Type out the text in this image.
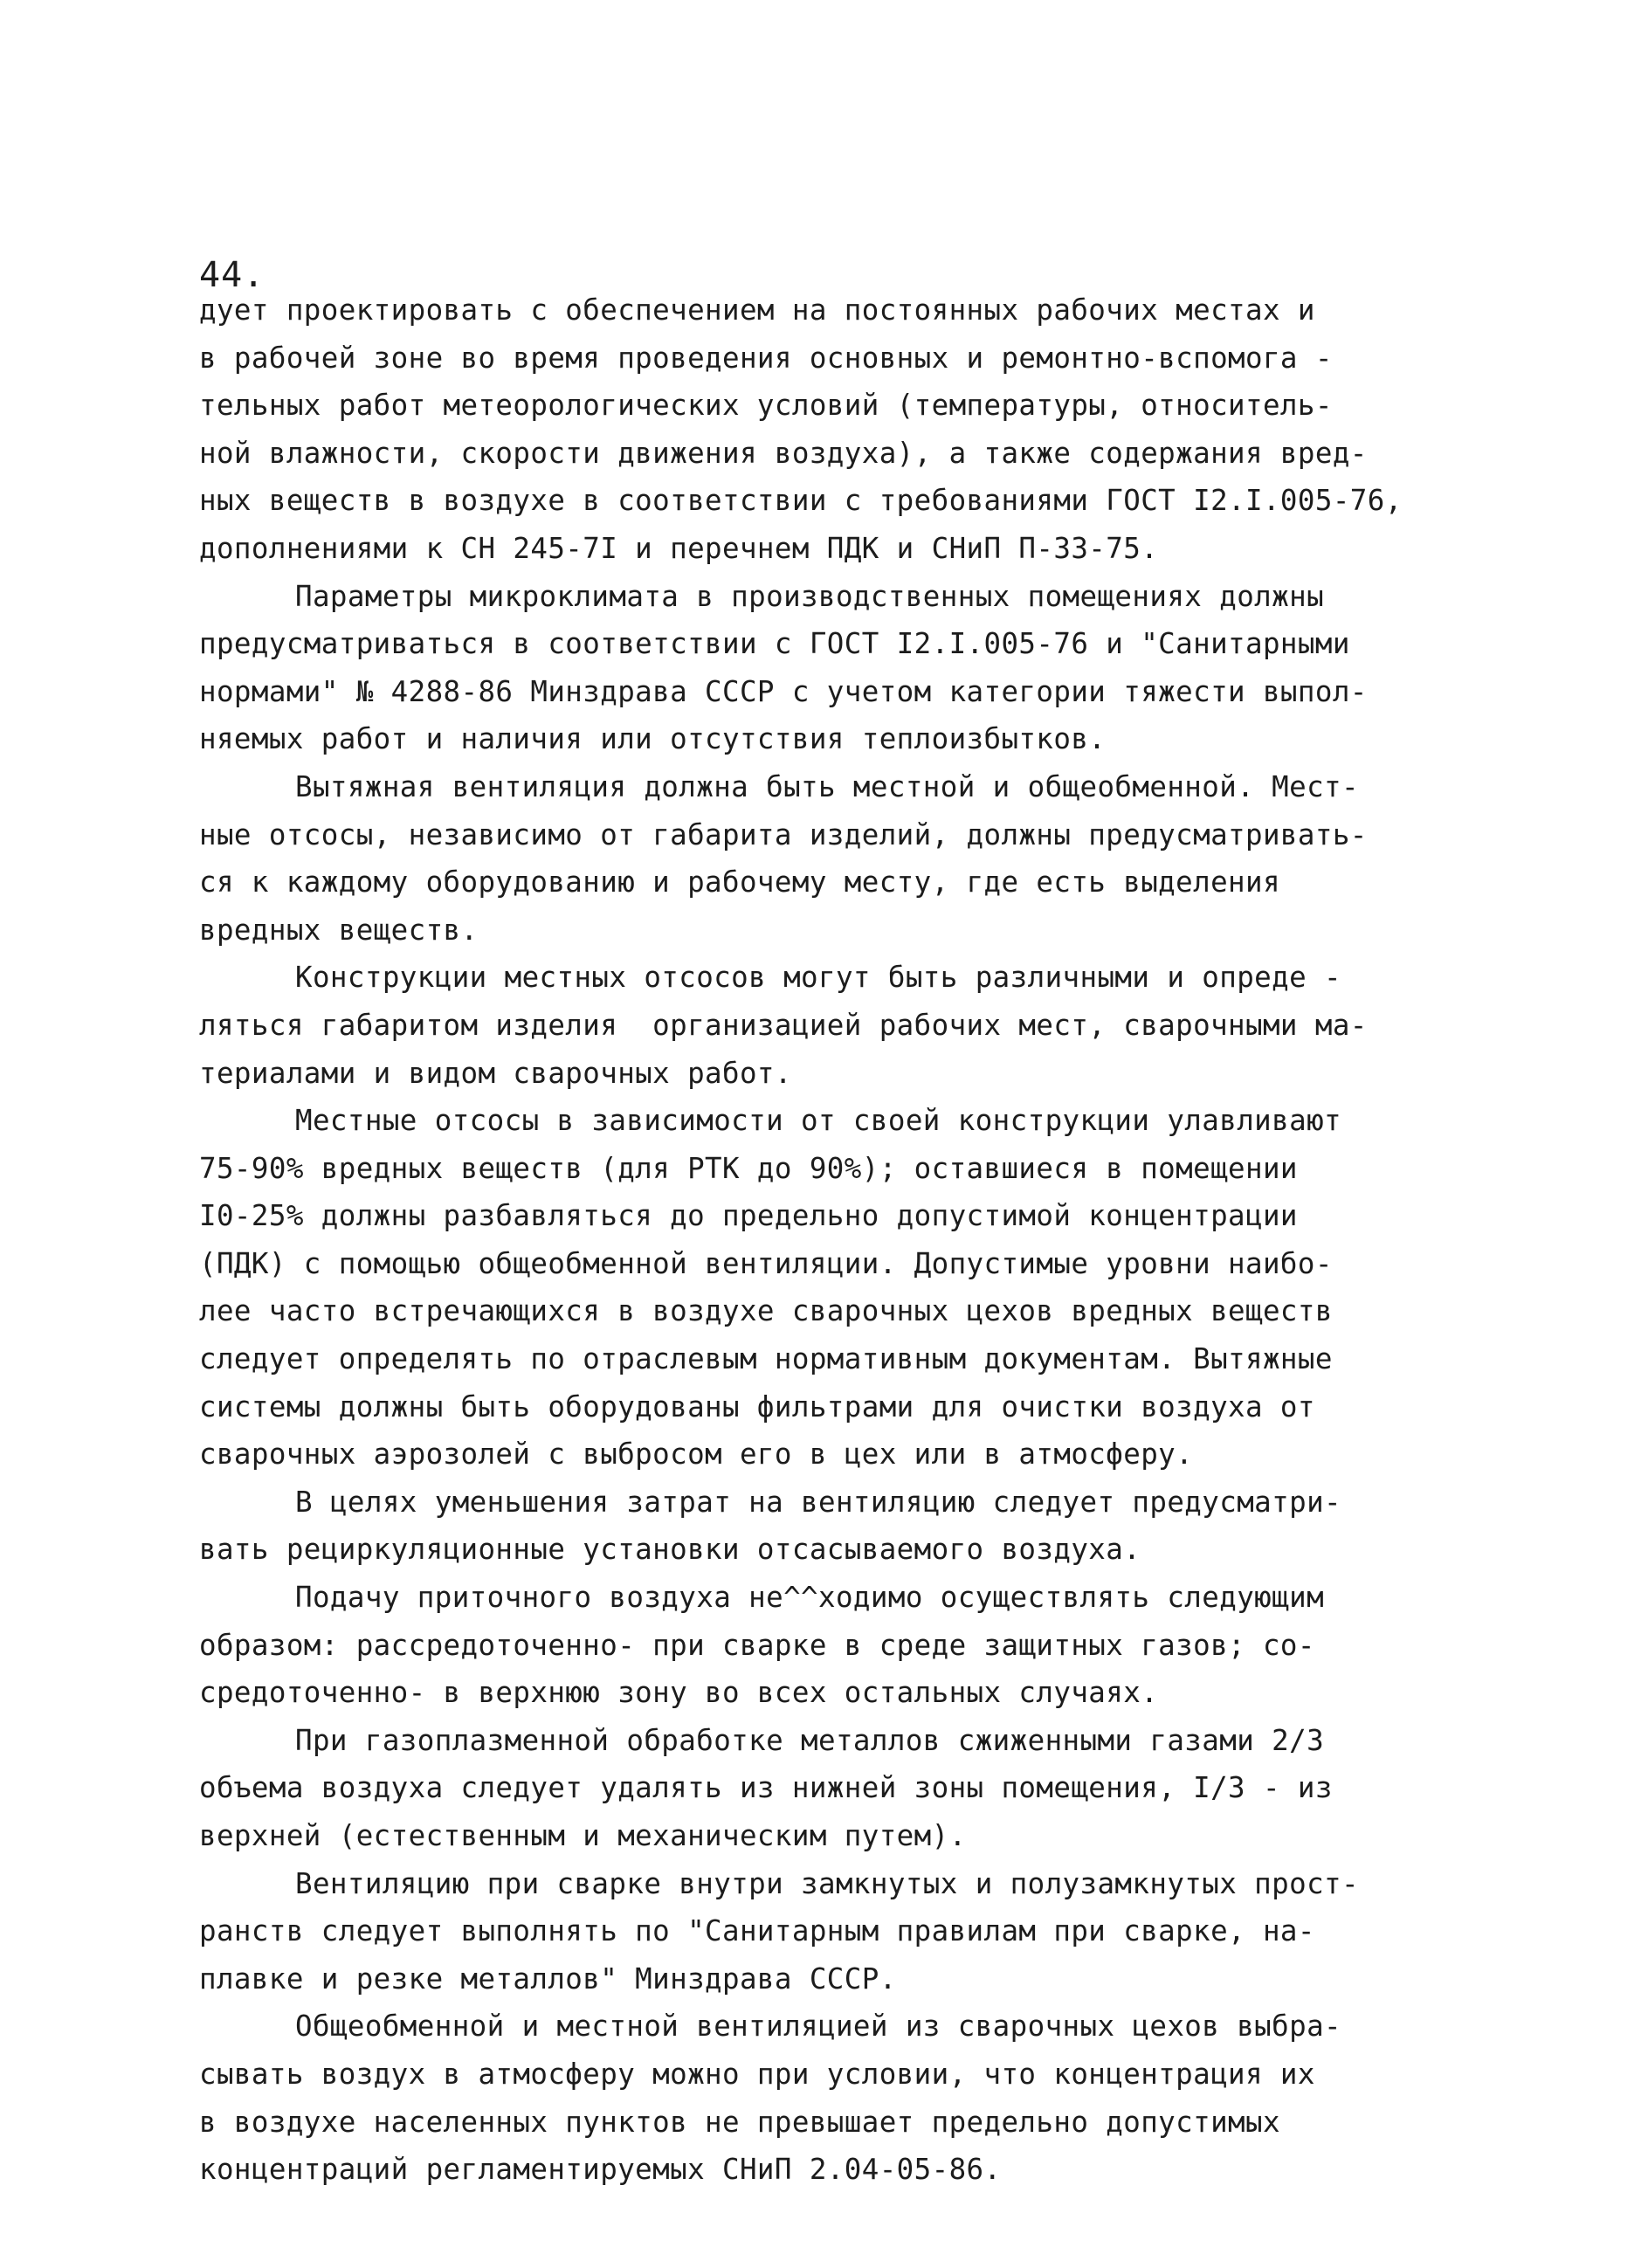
44.
дует проектировать с обеспечением на постоянных рабочих местах и
в рабочей зоне во время проведения основных и ремонтно-вспомога -
тельных работ метеорологических условий (температуры, относитель-
ной влажности, скорости движения воздуха), а также содержания вред-
ных веществ в воздухе в соответствии с требованиями ГОСТ I2.I.005-76,
дополнениями к СН 245-7I и перечнем ПДК и СНиП П-33-75.
Параметры микроклимата в производственных помещениях должны
предусматриваться в соответствии с ГОСТ I2.I.005-76 и "Санитарными
нормами" № 4288-86 Минздрава СССР с учетом категории тяжести выпол-
няемых работ и наличия или отсутствия теплоизбытков.
Вытяжная вентиляция должна быть местной и общеобменной. Мест-
ные отсосы, независимо от габарита изделий, должны предусматривать-
ся к каждому оборудованию и рабочему месту, где есть выделения
вредных веществ.
Конструкции местных отсосов могут быть различными и опреде -
ляться габаритом изделия  организацией рабочих мест, сварочными ма-
териалами и видом сварочных работ.
Местные отсосы в зависимости от своей конструкции улавливают
75-90% вредных веществ (для РТК до 90%); оставшиеся в помещении
I0-25% должны разбавляться до предельно допустимой концентрации
(ПДК) с помощью общеобменной вентиляции. Допустимые уровни наибо-
лее часто встречающихся в воздухе сварочных цехов вредных веществ
следует определять по отраслевым нормативным документам. Вытяжные
системы должны быть оборудованы фильтрами для очистки воздуха от
сварочных аэрозолей с выбросом его в цех или в атмосферу.
В целях уменьшения затрат на вентиляцию следует предусматри-
вать рециркуляционные установки отсасываемого воздуха.
Подачу приточного воздуха не^^ходимо осуществлять следующим
образом: рассредоточенно- при сварке в среде защитных газов; со-
средоточенно- в верхнюю зону во всех остальных случаях.
При газоплазменной обработке металлов сжиженными газами 2/3
объема воздуха следует удалять из нижней зоны помещения, I/3 - из
верхней (естественным и механическим путем).
Вентиляцию при сварке внутри замкнутых и полузамкнутых прост-
ранств следует выполнять по "Санитарным правилам при сварке, на-
плавке и резке металлов" Минздрава СССР.
Общеобменной и местной вентиляцией из сварочных цехов выбра-
сывать воздух в атмосферу можно при условии, что концентрация их
в воздухе населенных пунктов не превышает предельно допустимых
концентраций регламентируемых СНиП 2.04-05-86.
